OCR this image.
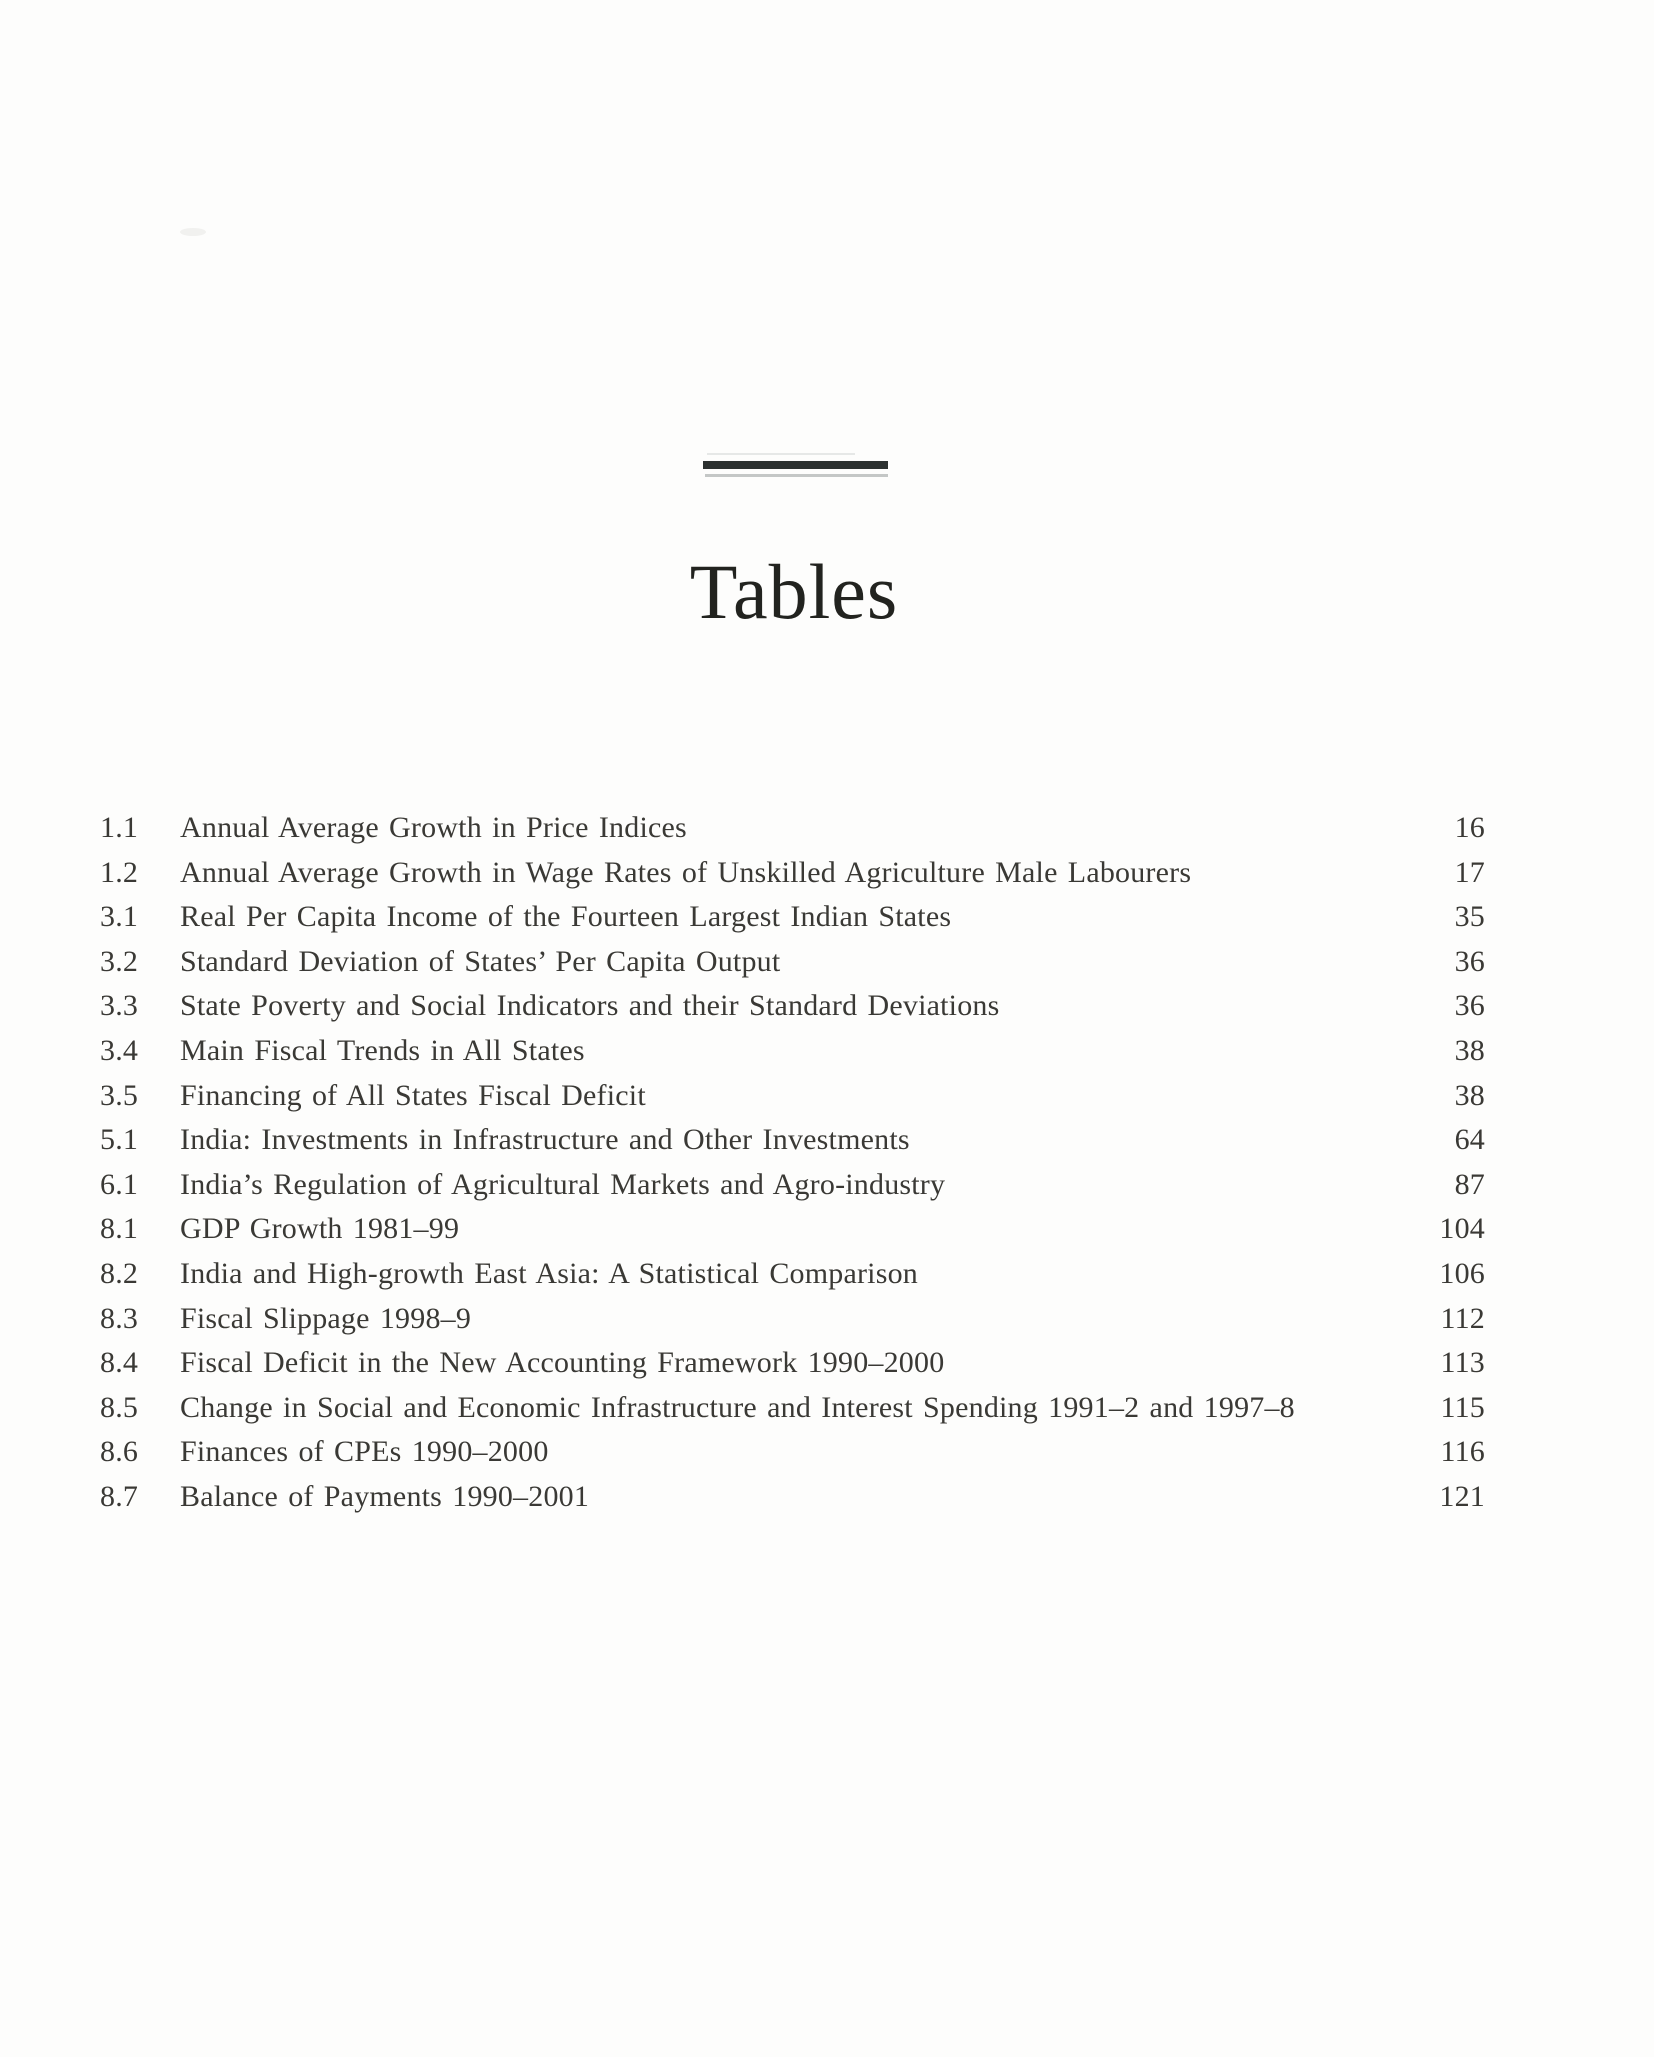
Tables
1.1	Annual Average Growth in Price Indices	16
1.2	Annual Average Growth in Wage Rates of Unskilled Agriculture Male Labourers	17
3.1	Real Per Capita Income of the Fourteen Largest Indian States	35
3.2	Standard Deviation of States’ Per Capita Output	36
3.3	State Poverty and Social Indicators and their Standard Deviations	36
3.4	Main Fiscal Trends in All States	38
3.5	Financing of All States Fiscal Deficit	38
5.1	India: Investments in Infrastructure and Other Investments	64
6.1	India’s Regulation of Agricultural Markets and Agro-industry	87
8.1	GDP Growth 1981–99	104
8.2	India and High-growth East Asia: A Statistical Comparison	106
8.3	Fiscal Slippage 1998–9	112
8.4	Fiscal Deficit in the New Accounting Framework 1990–2000	113
8.5	Change in Social and Economic Infrastructure and Interest Spending 1991–2 and 1997–8	115
8.6	Finances of CPEs 1990–2000	116
8.7	Balance of Payments 1990–2001	121
